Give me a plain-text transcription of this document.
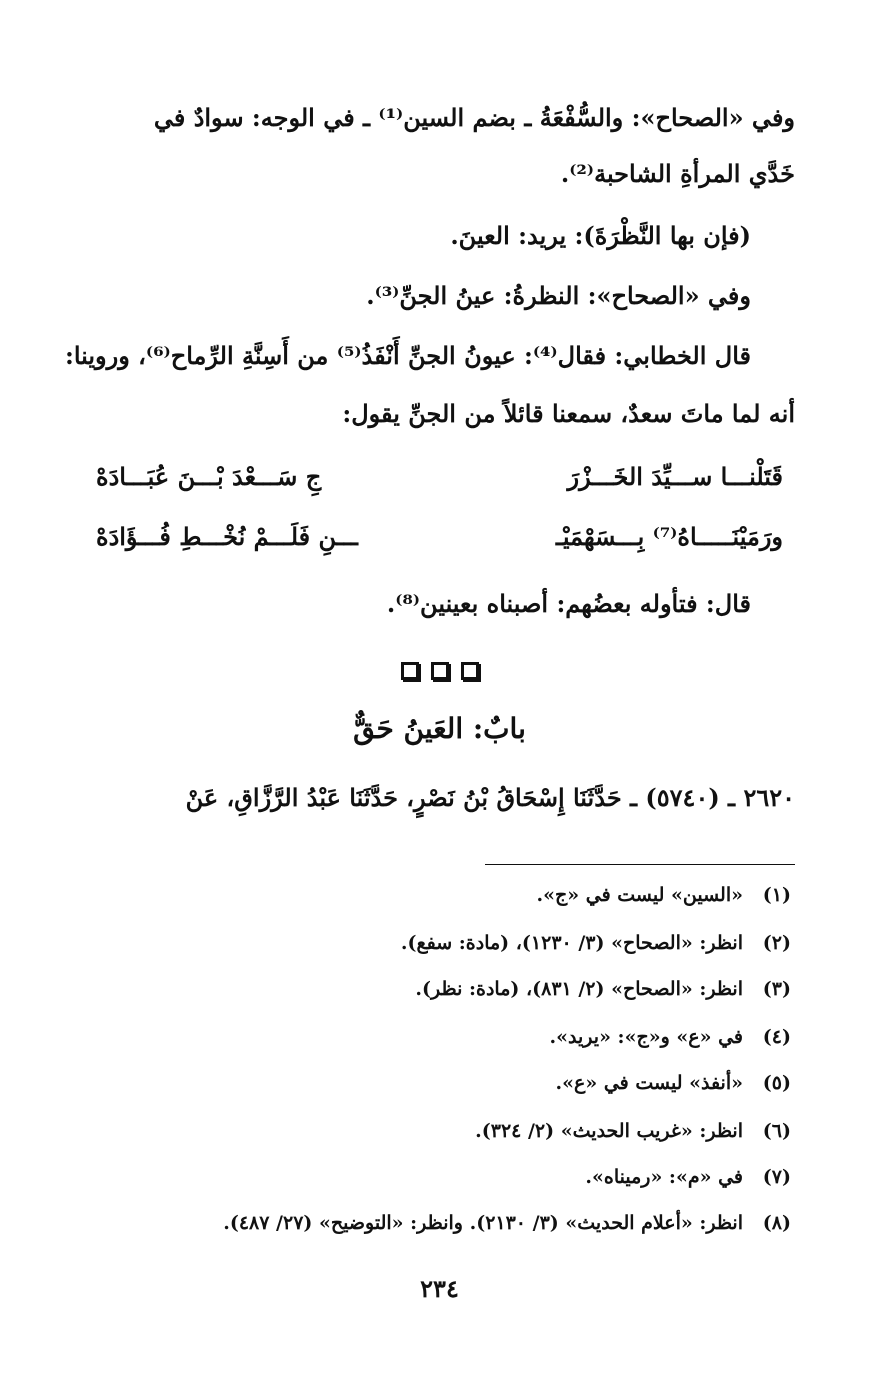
وفي «الصحاح»: والسُّفْعَةُ ـ بضم السين⁽¹⁾ ـ في الوجه: سوادٌ في
خَدَّي المرأةِ الشاحبة⁽²⁾.
(فإن بها النَّظْرَةَ): يريد: العينَ.
وفي «الصحاح»: النظرةُ: عينُ الجنِّ⁽³⁾.
قال الخطابي: فقال⁽⁴⁾: عيونُ الجنِّ أَنْفَذُ⁽⁵⁾ من أَسِنَّةِ الرِّماح⁽⁶⁾، وروينا:
أنه لما ماتَ سعدٌ، سمعنا قائلاً من الجنِّ يقول:
قَتَلْنـــا ســـيِّدَ الخَـــزْرَ
جِ سَـــعْدَ بْـــنَ عُبَـــادَهْ
ورَمَيْنَـــــاهُ⁽⁷⁾ بِـــسَهْمَيْـ
ـــنِ فَلَـــمْ نُخْـــطِ فُـــؤَادَهْ
قال: فتأوله بعضُهم: أصبناه بعينين⁽⁸⁾.
بابٌ: العَينُ حَقٌّ
٢٦٢٠ ـ (٥٧٤٠) ـ حَدَّثَنَا إِسْحَاقُ بْنُ نَصْرٍ، حَدَّثَنَا عَبْدُ الرَّزَّاقِ، عَنْ
(١)
«السين» ليست في «ج».
(٢)
انظر: «الصحاح» (٣/ ١٢٣٠)، (مادة: سفع).
(٣)
انظر: «الصحاح» (٢/ ٨٣١)، (مادة: نظر).
(٤)
في «ع» و«ج»: «يريد».
(٥)
«أنفذ» ليست في «ع».
(٦)
انظر: «غريب الحديث» (٢/ ٣٢٤).
(٧)
في «م»: «رميناه».
(٨)
انظر: «أعلام الحديث» (٣/ ٢١٣٠). وانظر: «التوضيح» (٢٧/ ٤٨٧).
٢٣٤
